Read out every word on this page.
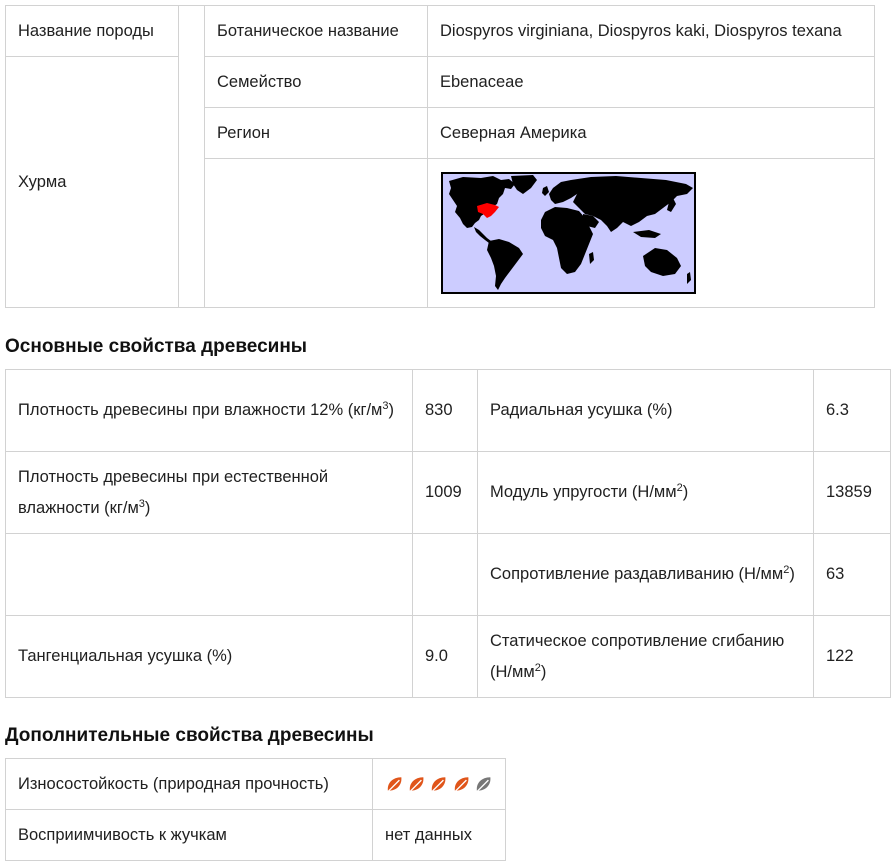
Название породы		Ботаническое название	Diospyros virginiana, Diospyros kaki, Diospyros texana
Хурма		Семейство	Ebenaceae
		Регион	Северная Америка

Основные свойства древесины
Плотность древесины при влажности 12% $(кг/м^3)$	830	Радиальная усушка (%)	6.3
Плотность древесины при естественной влажности $(кг/м^3)$	1009	Модуль упругости $(Н/мм^2)$	13859
		Сопротивление раздавливанию $(Н/мм^2)$	63
Тангенциальная усушка (%)	9.0	Статическое сопротивление сгибанию $(Н/мм^2)$	122
Дополнительные свойства древесины
Износостойкость (природная прочность)	

Восприимчивость к жучкам	нет данных
